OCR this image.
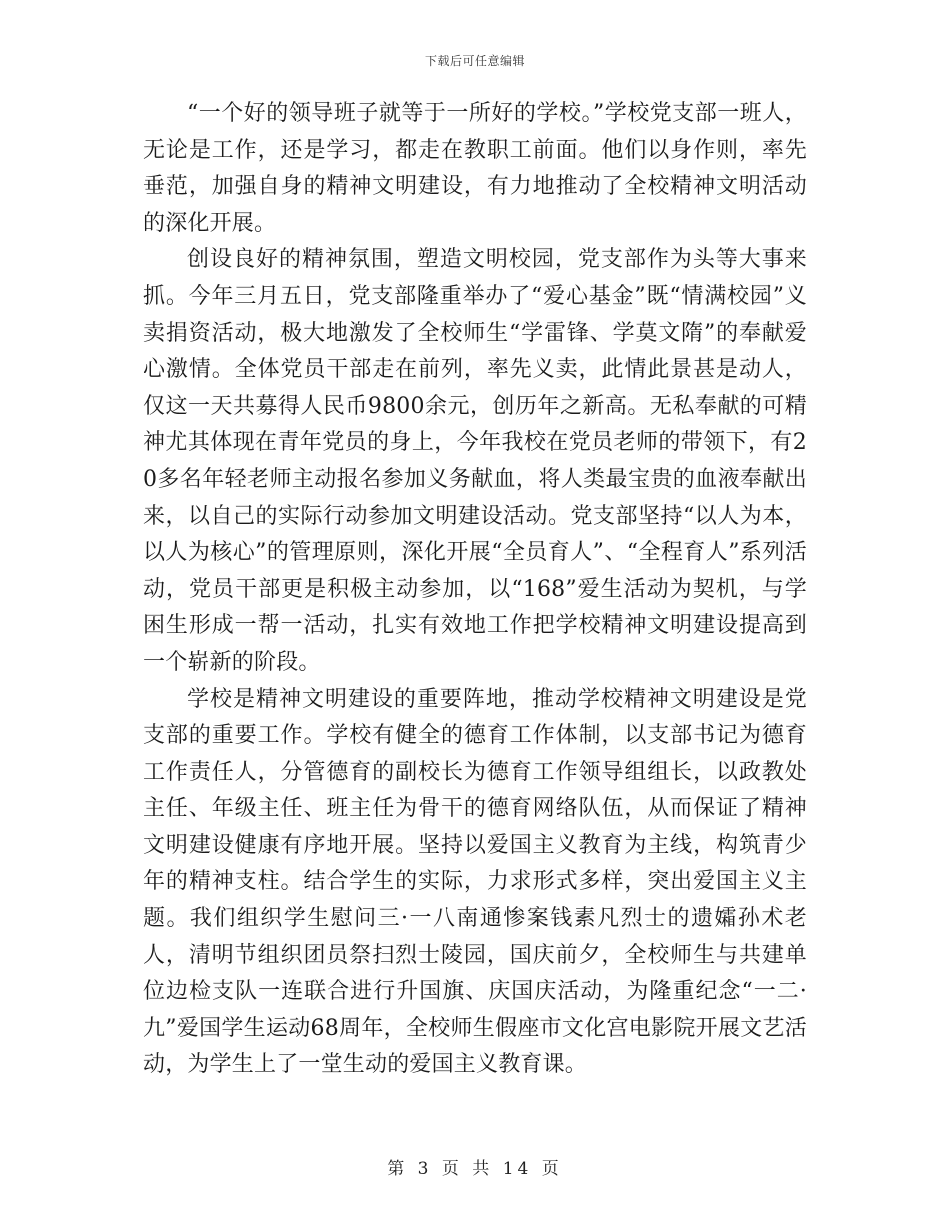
下载后可任意编辑

“一个好的领导班子就等于一所好的学校。”学校党支部一班人，无论是工作，还是学习，都走在教职工前面。他们以身作则，率先垂范，加强自身的精神文明建设，有力地推动了全校精神文明活动的深化开展。

创设良好的精神氛围，塑造文明校园，党支部作为头等大事来抓。今年三月五日，党支部隆重举办了“爱心基金”既“情满校园”义卖捐资活动，极大地激发了全校师生“学雷锋、学莫文隋”的奉献爱心激情。全体党员干部走在前列，率先义卖，此情此景甚是动人，仅这一天共募得人民币9800余元，创历年之新高。无私奉献的可精神尤其体现在青年党员的身上，今年我校在党员老师的带领下，有20多名年轻老师主动报名参加义务献血，将人类最宝贵的血液奉献出来，以自己的实际行动参加文明建设活动。党支部坚持“以人为本，以人为核心”的管理原则，深化开展“全员育人”、“全程育人”系列活动，党员干部更是积极主动参加，以“168”爱生活动为契机，与学困生形成一帮一活动，扎实有效地工作把学校精神文明建设提高到一个崭新的阶段。

学校是精神文明建设的重要阵地，推动学校精神文明建设是党支部的重要工作。学校有健全的德育工作体制，以支部书记为德育工作责任人，分管德育的副校长为德育工作领导组组长，以政教处主任、年级主任、班主任为骨干的德育网络队伍，从而保证了精神文明建设健康有序地开展。坚持以爱国主义教育为主线，构筑青少年的精神支柱。结合学生的实际，力求形式多样，突出爱国主义主题。我们组织学生慰问三·一八南通惨案钱素凡烈士的遗孀孙术老人，清明节组织团员祭扫烈士陵园，国庆前夕，全校师生与共建单位边检支队一连联合进行升国旗、庆国庆活动，为隆重纪念“一二·九”爱国学生运动68周年，全校师生假座市文化宫电影院开展文艺活动，为学生上了一堂生动的爱国主义教育课。

第 3 页 共 14 页
